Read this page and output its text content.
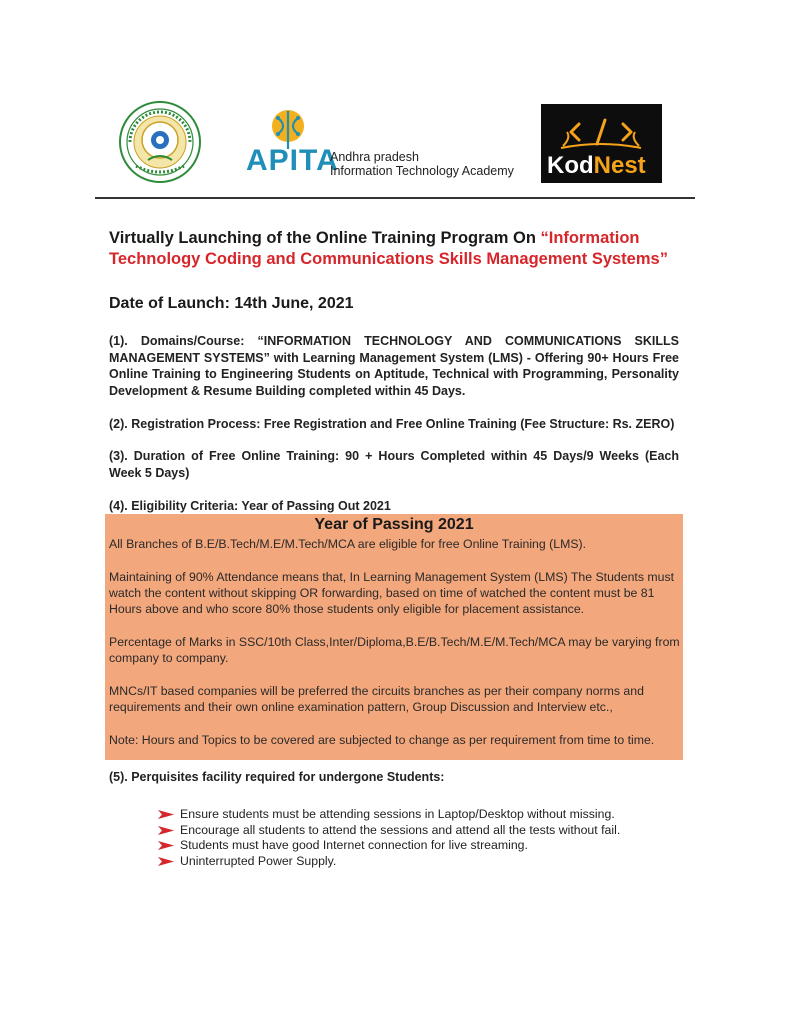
APITA
Andhra pradesh
Information Technology Academy KodNest
Virtually Launching of the Online Training Program On “Information Technology Coding and Communications Skills Management Systems”
Date of Launch: 14th June, 2021
(1). Domains/Course: “INFORMATION TECHNOLOGY AND COMMUNICATIONS SKILLS MANAGEMENT SYSTEMS” with Learning Management System (LMS) - Offering 90+ Hours Free Online Training to Engineering Students on Aptitude, Technical with Programming, Personality Development & Resume Building completed within 45 Days.
(2). Registration Process: Free Registration and Free Online Training (Fee Structure: Rs. ZERO)
(3). Duration of Free Online Training: 90 + Hours Completed within 45 Days/9 Weeks (Each Week 5 Days)
(4). Eligibility Criteria: Year of Passing Out 2021
Year of Passing 2021
All Branches of B.E/B.Tech/M.E/M.Tech/MCA are eligible for free Online Training (LMS).
Maintaining of 90% Attendance means that, In Learning Management System (LMS) The Students must watch the content without skipping OR forwarding, based on time of watched the content must be 81 Hours above and who score 80% those students only eligible for placement assistance.
Percentage of Marks in SSC/10th Class,Inter/Diploma,B.E/B.Tech/M.E/M.Tech/MCA may be varying from company to company.
MNCs/IT based companies will be preferred the circuits branches as per their company norms and requirements and their own online examination pattern, Group Discussion and Interview etc.,
Note: Hours and Topics to be covered are subjected to change as per requirement from time to time.
(5). Perquisites facility required for undergone Students:
Ensure students must be attending sessions in Laptop/Desktop without missing.
Encourage all students to attend the sessions and attend all the tests without fail.
Students must have good Internet connection for live streaming.
Uninterrupted Power Supply.
